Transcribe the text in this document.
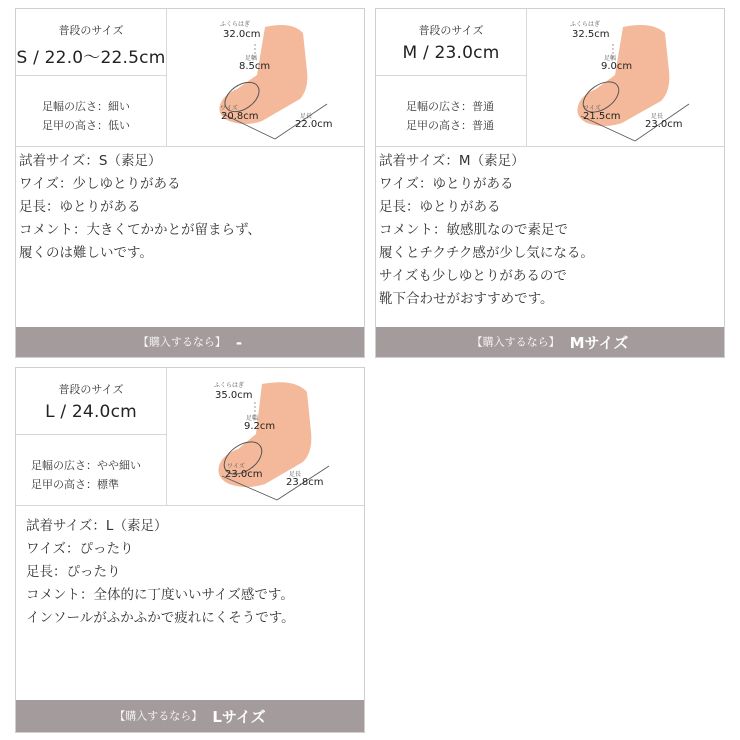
普段のサイズ
S / 22.0〜22.5cm
足幅の広さ：細い
足甲の高さ：低い
ふくらはぎ
32.0cm
足幅
8.5cm
ワイズ
20.8cm	足長
22.0cm
試着サイズ：S（素足）
ワイズ：少しゆとりがある
足長：ゆとりがある
コメント：大きくてかかとが留まらず、
履くのは難しいです。
【購入するなら】 -
普段のサイズ
M / 23.0cm
足幅の広さ：普通
足甲の高さ：普通
ふくらはぎ
32.5cm
足幅
9.0cm
ワイズ
21.5cm	足長
23.0cm
試着サイズ：M（素足）
ワイズ：ゆとりがある
足長：ゆとりがある
コメント：敏感肌なので素足で
履くとチクチク感が少し気になる。
サイズも少しゆとりがあるので
靴下合わせがおすすめです。
【購入するなら】 Mサイズ
普段のサイズ
L / 24.0cm
足幅の広さ：やや細い
足甲の高さ：標準
ふくらはぎ
35.0cm
足幅
9.2cm
ワイズ
23.0cm	足長
23.8cm
試着サイズ：L（素足）
ワイズ：ぴったり
足長：ぴったり
コメント：全体的に丁度いいサイズ感です。
インソールがふかふかで疲れにくそうです。
【購入するなら】 Lサイズ
